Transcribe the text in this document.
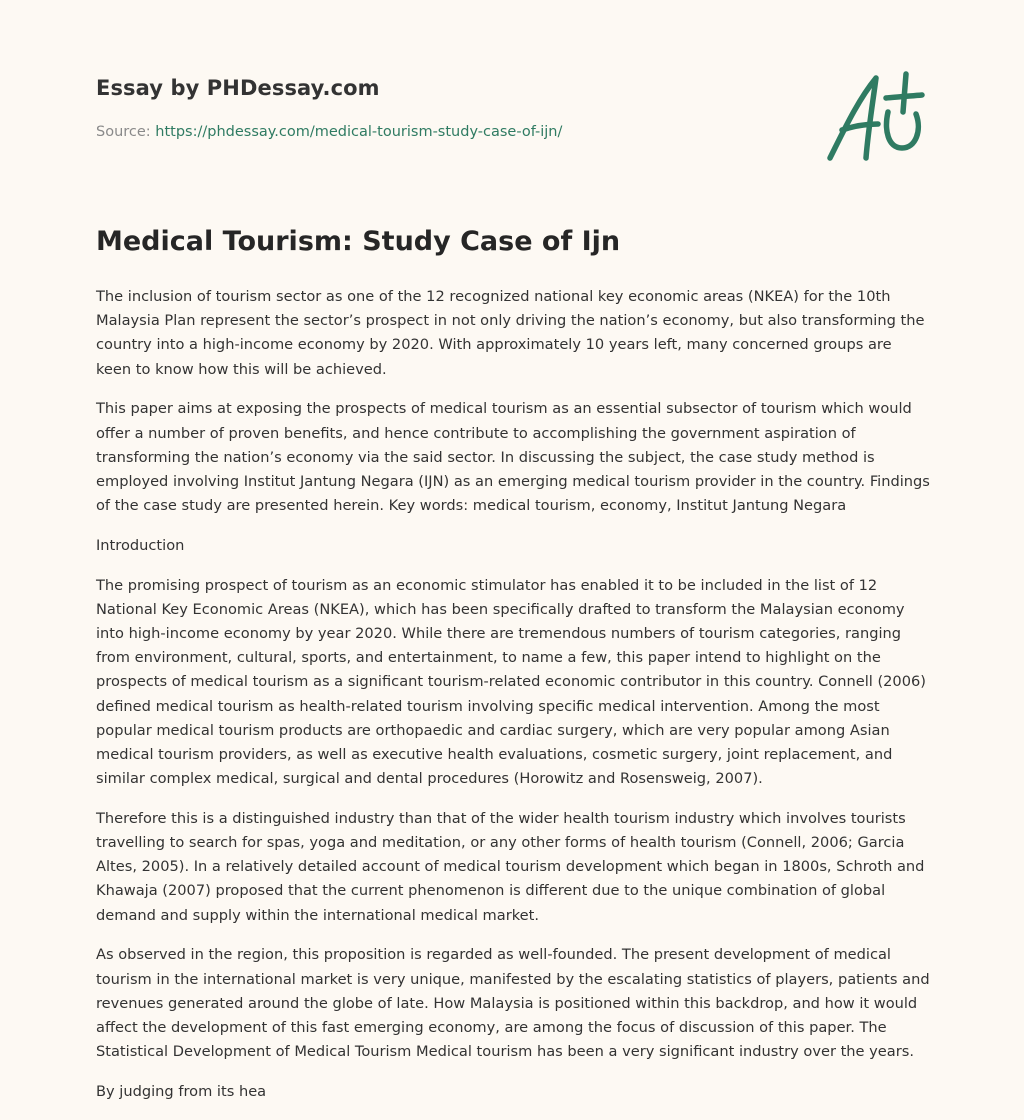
Essay by PHDessay.com
Source: https://phdessay.com/medical-tourism-study-case-of-ijn/
Medical Tourism: Study Case of Ijn

The inclusion of tourism sector as one of the 12 recognized national key economic areas (NKEA) for the 10th Malaysia Plan represent the sector’s prospect in not only driving the nation’s economy, but also transforming the country into a high-income economy by 2020. With approximately 10 years left, many concerned groups are keen to know how this will be achieved.

This paper aims at exposing the prospects of medical tourism as an essential subsector of tourism which would offer a number of proven benefits, and hence contribute to accomplishing the government aspiration of transforming the nation’s economy via the said sector. In discussing the subject, the case study method is employed involving Institut Jantung Negara (IJN) as an emerging medical tourism provider in the country. Findings of the case study are presented herein. Key words: medical tourism, economy, Institut Jantung Negara

Introduction

The promising prospect of tourism as an economic stimulator has enabled it to be included in the list of 12 National Key Economic Areas (NKEA), which has been specifically drafted to transform the Malaysian economy into high-income economy by year 2020. While there are tremendous numbers of tourism categories, ranging from environment, cultural, sports, and entertainment, to name a few, this paper intend to highlight on the prospects of medical tourism as a significant tourism-related economic contributor in this country. Connell (2006) defined medical tourism as health-related tourism involving specific medical intervention. Among the most popular medical tourism products are orthopaedic and cardiac surgery, which are very popular among Asian medical tourism providers, as well as executive health evaluations, cosmetic surgery, joint replacement, and similar complex medical, surgical and dental procedures (Horowitz and Rosensweig, 2007).

Therefore this is a distinguished industry than that of the wider health tourism industry which involves tourists travelling to search for spas, yoga and meditation, or any other forms of health tourism (Connell, 2006; Garcia Altes, 2005). In a relatively detailed account of medical tourism development which began in 1800s, Schroth and Khawaja (2007) proposed that the current phenomenon is different due to the unique combination of global demand and supply within the international medical market.

As observed in the region, this proposition is regarded as well-founded. The present development of medical tourism in the international market is very unique, manifested by the escalating statistics of players, patients and revenues generated around the globe of late. How Malaysia is positioned within this backdrop, and how it would affect the development of this fast emerging economy, are among the focus of discussion of this paper. The Statistical Development of Medical Tourism Medical tourism has been a very significant industry over the years.

By judging from its hea
